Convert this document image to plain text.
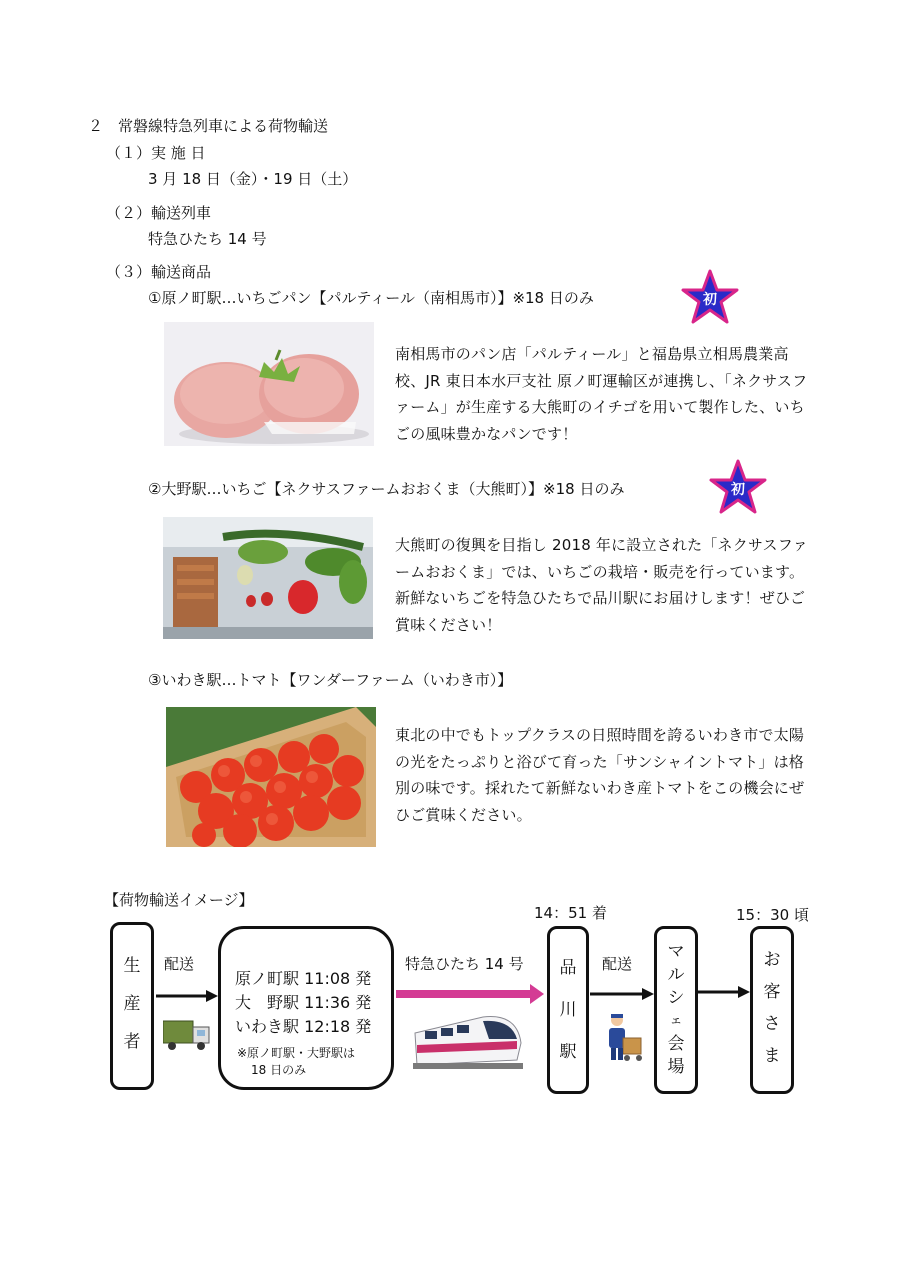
２　常磐線特急列車による荷物輸送
（１）実 施 日
3 月 18 日（金）・19 日（土）
（２）輸送列車
特急ひたち 14 号
（３）輸送商品
①原ノ町駅…いちごパン【パルティール（南相馬市）】※18 日のみ	初
南相馬市のパン店「パルティール」と福島県立相馬農業高校、JR 東日本水戸支社 原ノ町運輸区が連携し、「ネクサスファーム」が生産する大熊町のイチゴを用いて製作した、いちごの風味豊かなパンです！
②大野駅…いちご【ネクサスファームおおくま（大熊町）】※18 日のみ	初
大熊町の復興を目指し 2018 年に設立された「ネクサスファームおおくま」では、いちごの栽培・販売を行っています。新鮮ないちごを特急ひたちで品川駅にお届けします！ぜひご賞味ください！
③いわき駅…トマト【ワンダーファーム（いわき市）】
東北の中でもトップクラスの日照時間を誇るいわき市で太陽の光をたっぷりと浴びて育った「サンシャイントマト」は格別の味です。採れたて新鮮ないわき産トマトをこの機会にぜひご賞味ください。
【荷物輸送イメージ】
14：51 着	15：30 頃
生
産
者
配送
原ノ町駅 11:08 発
大　野駅 11:36 発
いわき駅 12:18 発
※原ノ町駅・大野駅は
18 日のみ
特急ひたち 14 号 品
川
駅
配送
マ
ル
シ
ェ
会
場
お
客
さ
ま
